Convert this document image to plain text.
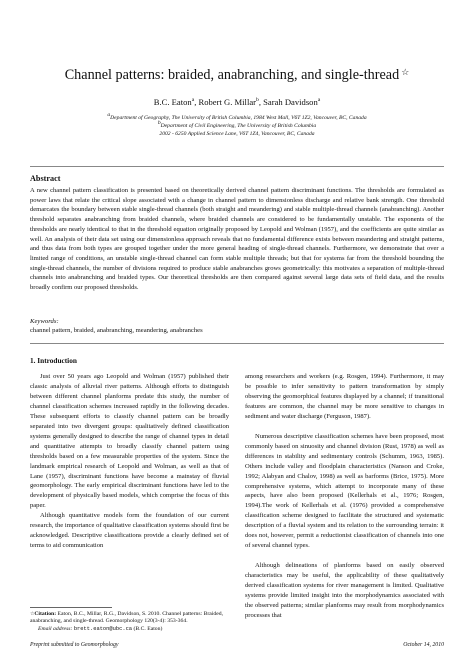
Channel patterns: braided, anabranching, and single-thread ☆
B.C. Eaton$^a$, Robert G. Millar$^b$, Sarah Davidson$^a$
$^a$Department of Geography, The University of British Columbia, 1984 West Mall, V6T 1Z2, Vancouver, BC, Canada
$^b$Department of Civil Engineering, The University of British Columbia
2002 - 6250 Applied Science Lane, V6T 1Z4, Vancouver, BC, Canada
Abstract
A new channel pattern classification is presented based on theoretically derived channel pattern discriminant functions. The thresholds are formulated as power laws that relate the critical slope associated with a change in channel pattern to dimensionless discharge and relative bank strength. One threshold demarcates the boundary between stable single-thread channels (both straight and meandering) and stable multiple-thread channels (anabranching). Another threshold separates anabranching from braided channels, where braided channels are considered to be fundamentally unstable. The exponents of the thresholds are nearly identical to that in the threshold equation originally proposed by Leopold and Wolman (1957), and the coefficients are quite similar as well. An analysis of their data set using our dimensionless approach reveals that no fundamental difference exists between meandering and straight patterns, and thus data from both types are grouped together under the more general heading of single-thread channels. Furthermore, we demonstrate that over a limited range of conditions, an unstable single-thread channel can form stable multiple threads; but that for systems far from the threshold bounding the single-thread channels, the number of divisions required to produce stable anabranches grows geometrically: this motivates a separation of multiple-thread channels into anabranching and braided types. Our theoretical thresholds are then compared against several large data sets of field data, and the results broadly confirm our proposed thresholds.
Keywords:
channel pattern, braided, anabranching, meandering, anabranches
1. Introduction

Just over 50 years ago Leopold and Wolman (1957) published their classic analysis of alluvial river patterns. Although efforts to distinguish between different channel planforms predate this study, the number of channel classification schemes increased rapidly in the following decades. These subsequent efforts to classify channel pattern can be broadly separated into two divergent groups: qualitatively defined classification systems generally designed to describe the range of channel types in detail and quantitative attempts to broadly classify channel pattern using thresholds based on a few measurable properties of the system. Since the landmark empirical research of Leopold and Wolman, as well as that of Lane (1957), discriminant functions have become a mainstay of fluvial geomorphology. The early empirical discriminant functions have led to the development of physically based models, which comprise the focus of this paper.

Although quantitative models form the foundation of our current research, the importance of qualitative classification systems should first be acknowledged. Descriptive classifications provide a clearly defined set of terms to aid communication

among researchers and workers (e.g. Rosgen, 1994). Furthermore, it may be possible to infer sensitivity to pattern transformation by simply observing the geomorphical features displayed by a channel; if transitional features are common, the channel may be more sensitive to changes in sediment and water discharge (Ferguson, 1987).

Numerous descriptive classification schemes have been proposed, most commonly based on sinuosity and channel division (Rust, 1978) as well as differences in stability and sedimentary controls (Schumm, 1963, 1985). Others include valley and floodplain characteristics (Nanson and Croke, 1992; Alabyan and Chalov, 1998) as well as barforms (Brice, 1975). More comprehensive systems, which attempt to incorporate many of these aspects, have also been proposed (Kellerhals et al., 1976; Rosgen, 1994).The work of Kellerhals et al. (1976) provided a comprehensive classification scheme designed to facilitate the structured and systematic description of a fluvial system and its relation to the surrounding terrain: it does not, however, permit a reductionist classification of channels into one of several channel types.

Although delineations of planforms based on easily observed characteristics may be useful, the applicability of these qualitatively derived classification systems for river management is limited. Qualitative systems provide limited insight into the morphodynamics associated with the observed patterns; similar planforms may result from morphodynamics processes that

☆Citation: Eaton, B.C., Millar, R.G., Davidson, S. 2010. Channel patterns: Braided, anabranching, and single-thread. Geomorphology 120(3-4): 353-364.
Email address: brett.eaton@ubc.ca (B.C. Eaton)
Preprint submitted to Geomorphology	October 14, 2010
